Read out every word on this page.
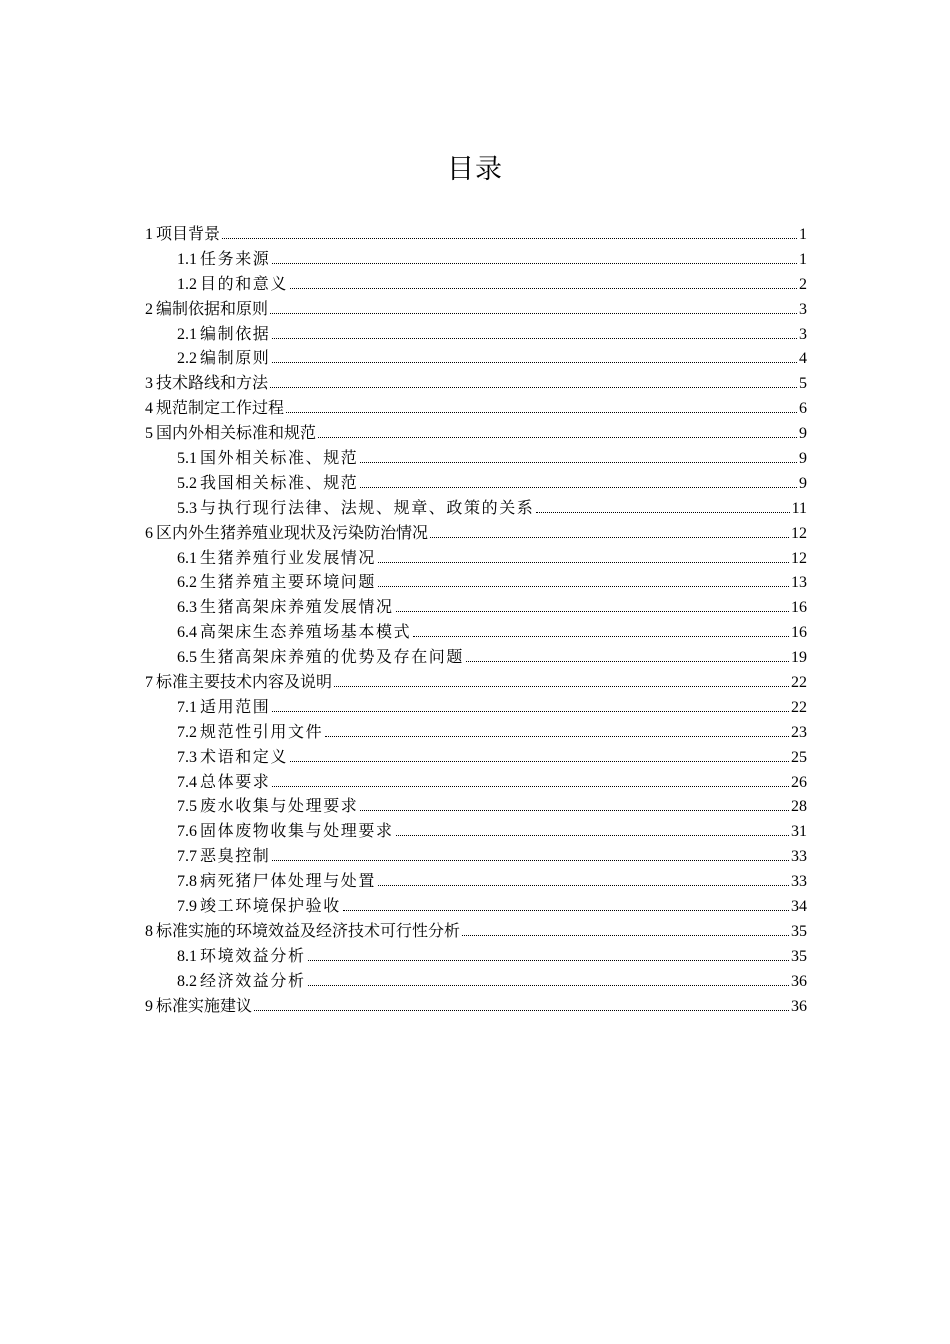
目录
1 项目背景	1
1.1 任务来源	1
1.2 目的和意义	2
2 编制依据和原则	3
2.1 编制依据	3
2.2 编制原则	4
3 技术路线和方法	5
4 规范制定工作过程	6
5 国内外相关标准和规范	9
5.1 国外相关标准、规范	9
5.2 我国相关标准、规范	9
5.3 与执行现行法律、法规、规章、政策的关系	11
6 区内外生猪养殖业现状及污染防治情况	12
6.1 生猪养殖行业发展情况	12
6.2 生猪养殖主要环境问题	13
6.3 生猪高架床养殖发展情况	16
6.4 高架床生态养殖场基本模式	16
6.5 生猪高架床养殖的优势及存在问题	19
7 标准主要技术内容及说明	22
7.1 适用范围	22
7.2 规范性引用文件	23
7.3 术语和定义	25
7.4 总体要求	26
7.5 废水收集与处理要求	28
7.6 固体废物收集与处理要求	31
7.7 恶臭控制	33
7.8 病死猪尸体处理与处置	33
7.9 竣工环境保护验收	34
8 标准实施的环境效益及经济技术可行性分析	35
8.1 环境效益分析	35
8.2 经济效益分析	36
9 标准实施建议	36
